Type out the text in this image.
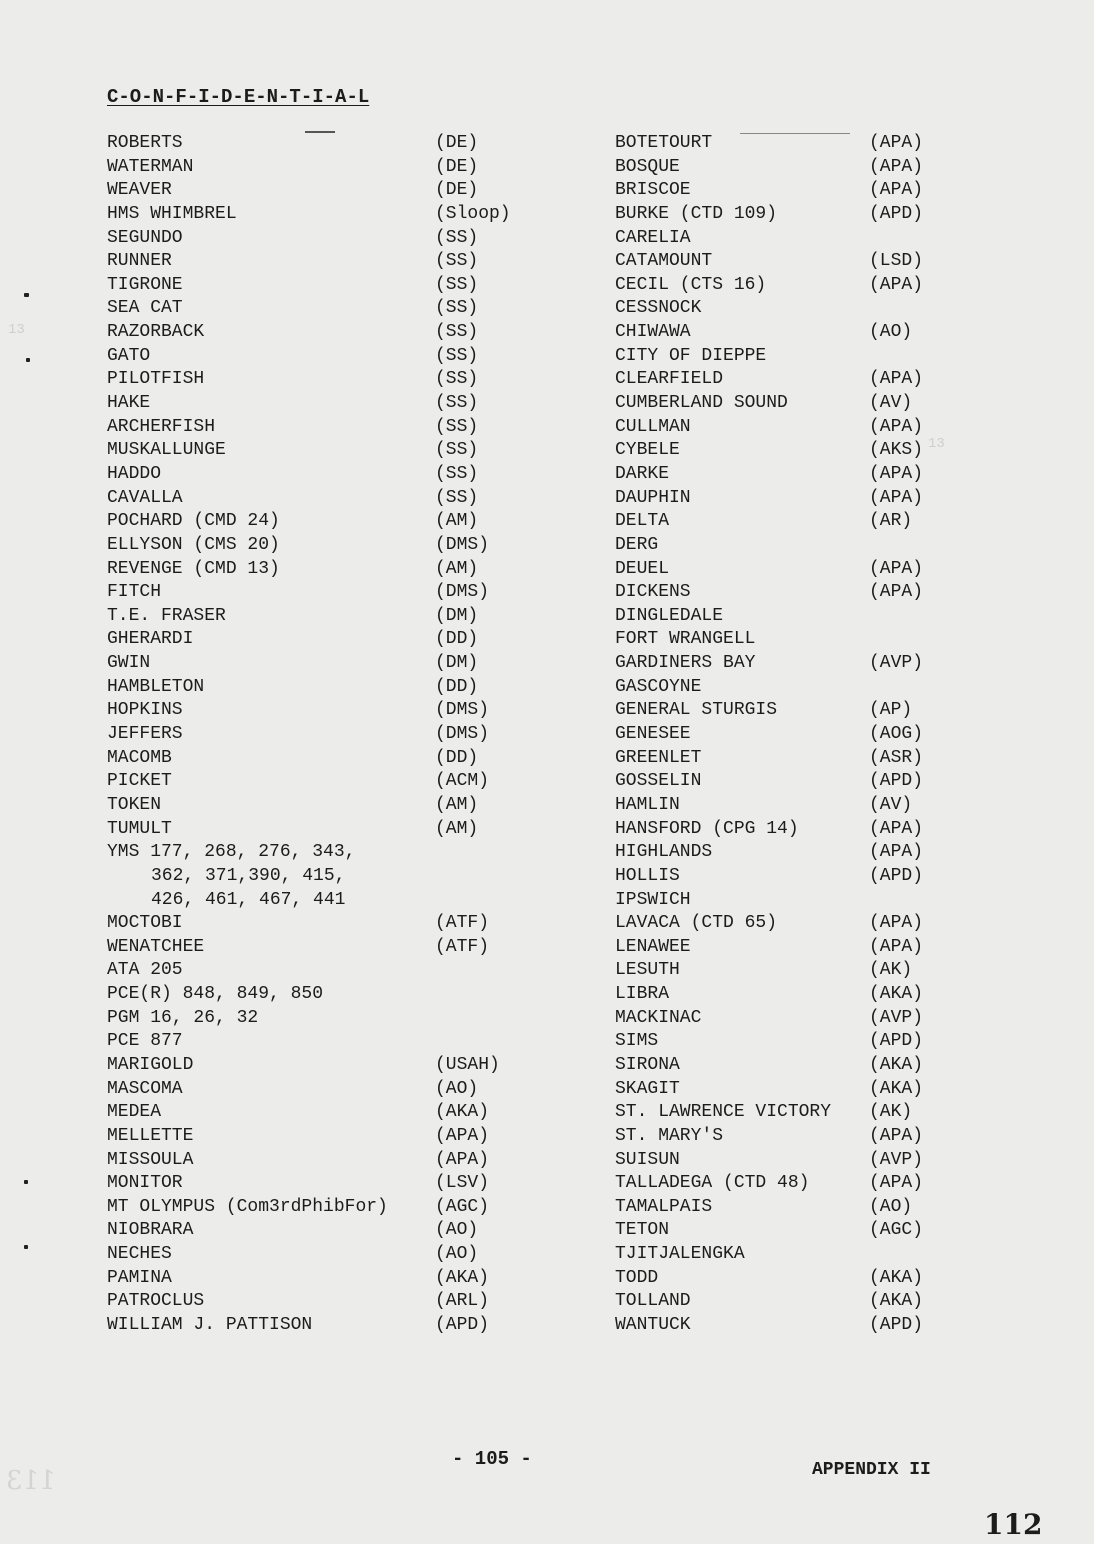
C-O-N-F-I-D-E-N-T-I-A-L
ROBERTS	(DE)
WATERMAN	(DE)
WEAVER	(DE)
HMS WHIMBREL	(Sloop)
SEGUNDO	(SS)
RUNNER	(SS)
TIGRONE	(SS)
SEA CAT	(SS)
RAZORBACK	(SS)
GATO	(SS)
PILOTFISH	(SS)
HAKE	(SS)
ARCHERFISH	(SS)
MUSKALLUNGE	(SS)
HADDO	(SS)
CAVALLA	(SS)
POCHARD (CMD 24)	(AM)
ELLYSON (CMS 20)	(DMS)
REVENGE (CMD 13)	(AM)
FITCH	(DMS)
T.E. FRASER	(DM)
GHERARDI	(DD)
GWIN	(DM)
HAMBLETON	(DD)
HOPKINS	(DMS)
JEFFERS	(DMS)
MACOMB	(DD)
PICKET	(ACM)
TOKEN	(AM)
TUMULT	(AM)
YMS 177, 268, 276, 343,
362, 371,390, 415,
426, 461, 467, 441
MOCTOBI	(ATF)
WENATCHEE	(ATF)
ATA 205
PCE(R) 848, 849, 850
PGM 16, 26, 32
PCE 877
MARIGOLD	(USAH)
MASCOMA	(AO)
MEDEA	(AKA)
MELLETTE	(APA)
MISSOULA	(APA)
MONITOR	(LSV)
MT OLYMPUS (Com3rdPhibFor)	(AGC)
NIOBRARA	(AO)
NECHES	(AO)
PAMINA	(AKA)
PATROCLUS	(ARL)
WILLIAM J. PATTISON	(APD)
BOTETOURT	(APA)
BOSQUE	(APA)
BRISCOE	(APA)
BURKE (CTD 109)	(APD)
CARELIA
CATAMOUNT	(LSD)
CECIL (CTS 16)	(APA)
CESSNOCK
CHIWAWA	(AO)
CITY OF DIEPPE
CLEARFIELD	(APA)
CUMBERLAND SOUND	(AV)
CULLMAN	(APA)
CYBELE	(AKS)
DARKE	(APA)
DAUPHIN	(APA)
DELTA	(AR)
DERG
DEUEL	(APA)
DICKENS	(APA)
DINGLEDALE
FORT WRANGELL
GARDINERS BAY	(AVP)
GASCOYNE
GENERAL STURGIS	(AP)
GENESEE	(AOG)
GREENLET	(ASR)
GOSSELIN	(APD)
HAMLIN	(AV)
HANSFORD (CPG 14)	(APA)
HIGHLANDS	(APA)
HOLLIS	(APD)
IPSWICH
LAVACA (CTD 65)	(APA)
LENAWEE	(APA)
LESUTH	(AK)
LIBRA	(AKA)
MACKINAC	(AVP)
SIMS	(APD)
SIRONA	(AKA)
SKAGIT	(AKA)
ST. LAWRENCE VICTORY (AK)
ST. MARY'S	(APA)
SUISUN	(AVP)
TALLADEGA (CTD 48)	(APA)
TAMALPAIS	(AO)
TETON	(AGC)
TJITJALENGKA
TODD	(AKA)
TOLLAND	(AKA)
WANTUCK	(APD)
13
13
- 105 -	APPENDIX II
112
113
